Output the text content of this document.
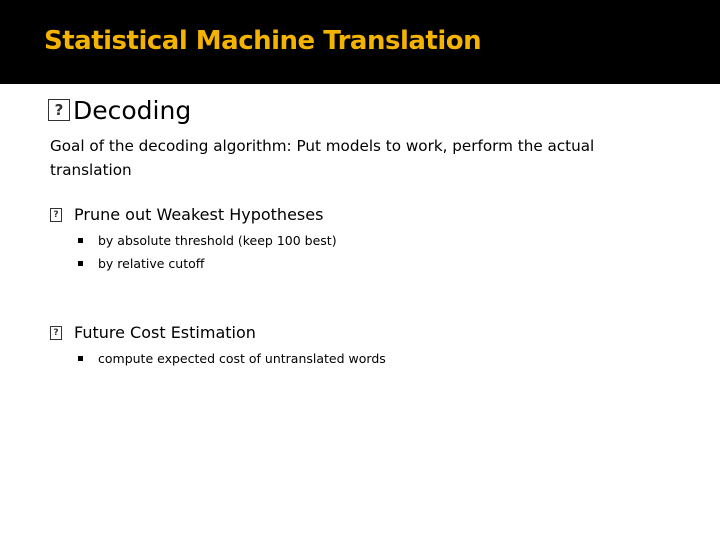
Statistical Machine Translation
?Decoding
Goal of the decoding algorithm: Put models to work, perform the actual translation
?Prune out Weakest Hypotheses
by absolute threshold (keep 100 best)
by relative cutoff
?Future Cost Estimation
compute expected cost of untranslated words
